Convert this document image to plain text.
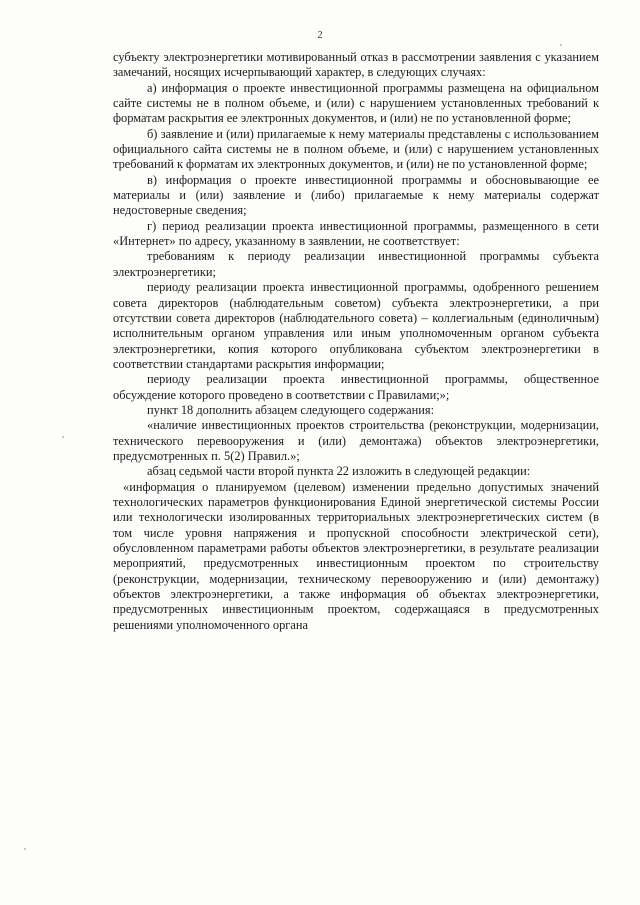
2

субъекту электроэнергетики мотивированный отказ в рассмотрении заявления с указанием замечаний, носящих исчерпывающий характер, в следующих случаях:

а) информация о проекте инвестиционной программы размещена на официальном сайте системы не в полном объеме, и (или) с нарушением установленных требований к форматам раскрытия ее электронных документов, и (или) не по установленной форме;

б) заявление и (или) прилагаемые к нему материалы представлены с использованием официального сайта системы не в полном объеме, и (или) с нарушением установленных требований к форматам их электронных документов, и (или) не по установленной форме;

в) информация о проекте инвестиционной программы и обосновывающие ее материалы и (или) заявление и (либо) прилагаемые к нему материалы содержат недостоверные сведения;

г) период реализации проекта инвестиционной программы, размещенного в сети «Интернет» по адресу, указанному в заявлении, не соответствует:

требованиям к периоду реализации инвестиционной программы субъекта электроэнергетики;

периоду реализации проекта инвестиционной программы, одобренного решением совета директоров (наблюдательным советом) субъекта электроэнергетики, а при отсутствии совета директоров (наблюдательного совета) – коллегиальным (единоличным) исполнительным органом управления или иным уполномоченным органом субъекта электроэнергетики, копия которого опубликована субъектом электроэнергетики в соответствии стандартами раскрытия информации;

периоду реализации проекта инвестиционной программы, общественное обсуждение которого проведено в соответствии с Правилами;»;

пункт 18 дополнить абзацем следующего содержания:

«наличие инвестиционных проектов строительства (реконструкции, модернизации, технического перевооружения и (или) демонтажа) объектов электроэнергетики, предусмотренных п. 5(2) Правил.»;

абзац седьмой части второй пункта 22 изложить в следующей редакции:

«информация о планируемом (целевом) изменении предельно допустимых значений технологических параметров функционирования Единой энергетической системы России или технологически изолированных территориальных электроэнергетических систем (в том числе уровня напряжения и пропускной способности электрической сети), обусловленном параметрами работы объектов электроэнергетики, в результате реализации мероприятий, предусмотренных инвестиционным проектом по строительству (реконструкции, модернизации, техническому перевооружению и (или) демонтажу) объектов электроэнергетики, а также информация об объектах электроэнергетики, предусмотренных инвестиционным проектом, содержащаяся в предусмотренных решениями уполномоченного органа
